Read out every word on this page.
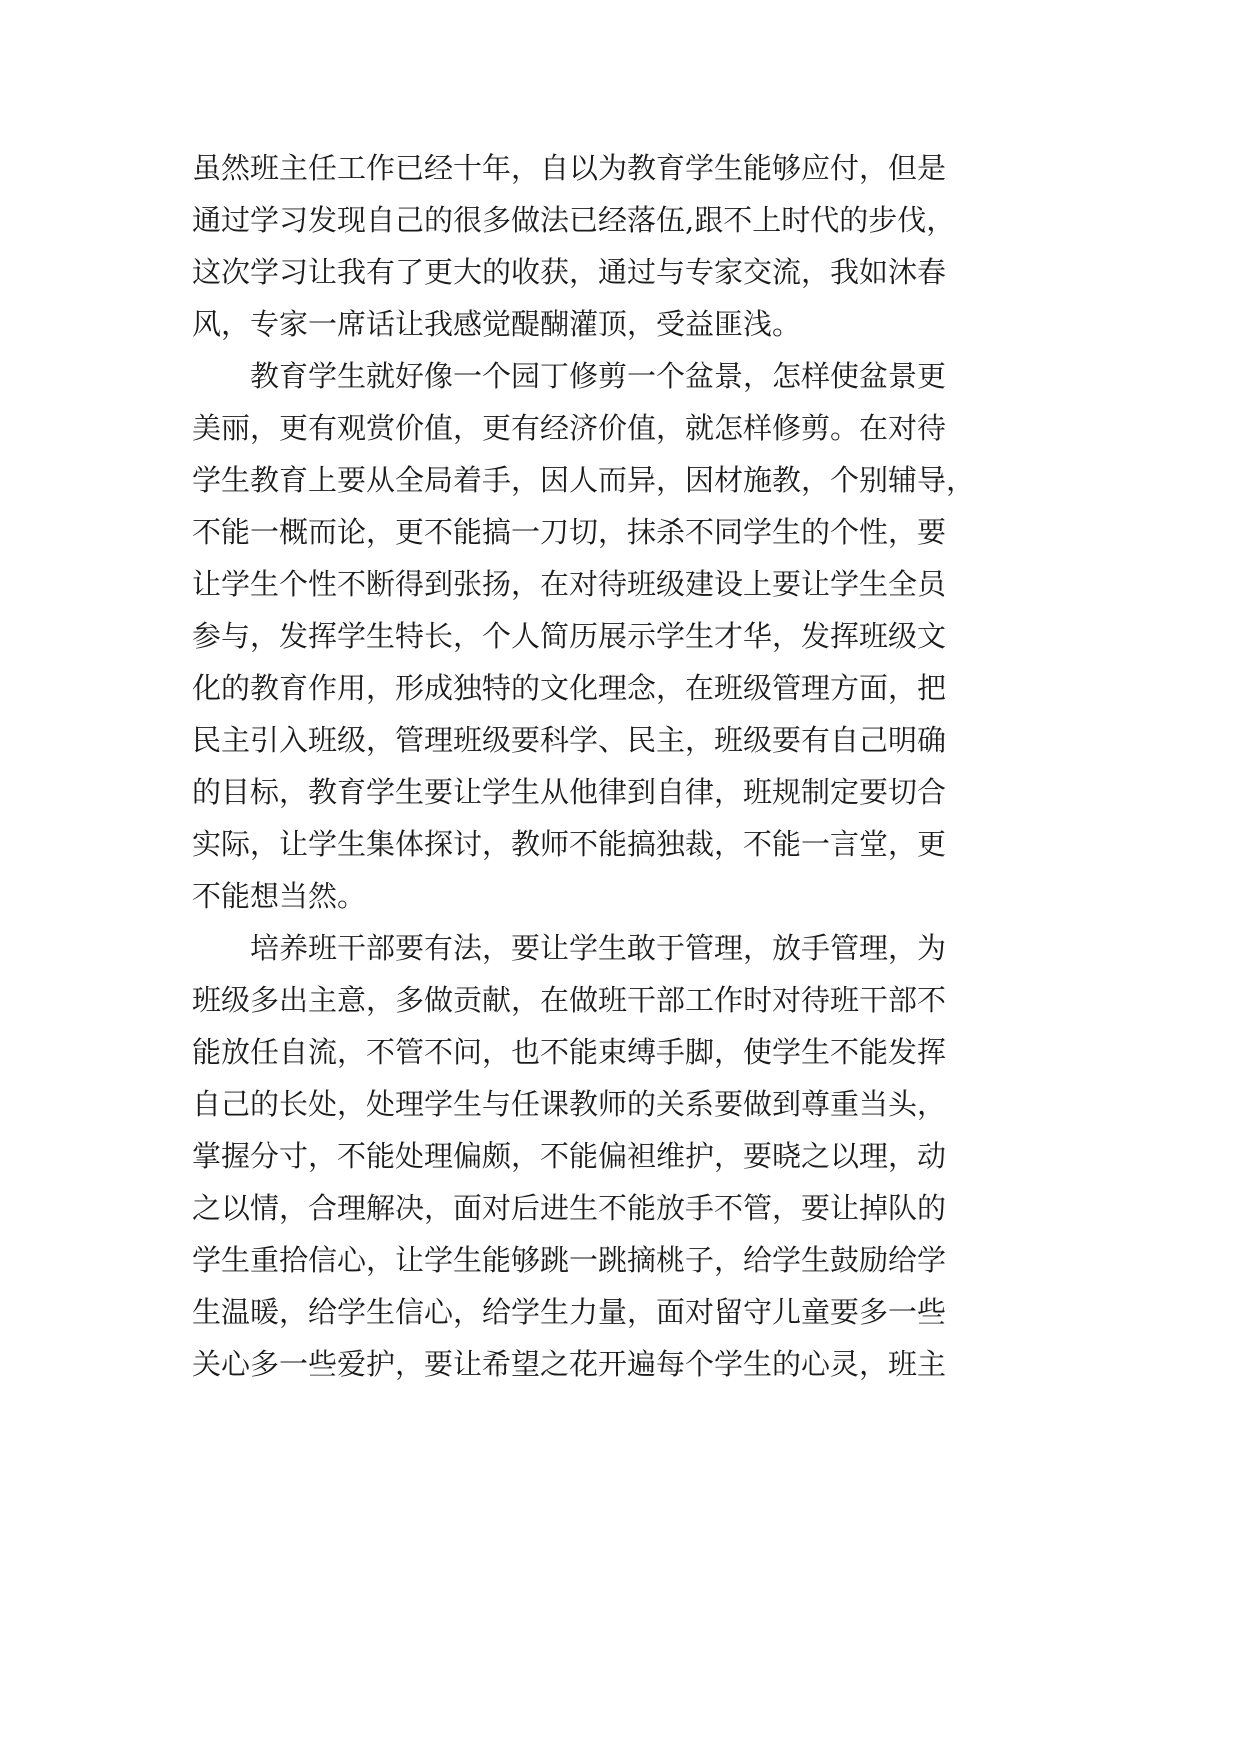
虽然班主任工作已经十年，自以为教育学生能够应付，但是
通过学习发现自己的很多做法已经落伍,跟不上时代的步伐，
这次学习让我有了更大的收获，通过与专家交流，我如沐春
风，专家一席话让我感觉醍醐灌顶，受益匪浅。
教育学生就好像一个园丁修剪一个盆景，怎样使盆景更
美丽，更有观赏价值，更有经济价值，就怎样修剪。在对待
学生教育上要从全局着手，因人而异，因材施教，个别辅导，
不能一概而论，更不能搞一刀切，抹杀不同学生的个性，要
让学生个性不断得到张扬，在对待班级建设上要让学生全员
参与，发挥学生特长，个人简历展示学生才华，发挥班级文
化的教育作用，形成独特的文化理念，在班级管理方面，把
民主引入班级，管理班级要科学、民主，班级要有自己明确
的目标，教育学生要让学生从他律到自律，班规制定要切合
实际，让学生集体探讨，教师不能搞独裁，不能一言堂，更
不能想当然。
培养班干部要有法，要让学生敢于管理，放手管理，为
班级多出主意，多做贡献，在做班干部工作时对待班干部不
能放任自流，不管不问，也不能束缚手脚，使学生不能发挥
自己的长处，处理学生与任课教师的关系要做到尊重当头，
掌握分寸，不能处理偏颇，不能偏袒维护，要晓之以理，动
之以情，合理解决，面对后进生不能放手不管，要让掉队的
学生重拾信心，让学生能够跳一跳摘桃子，给学生鼓励给学
生温暖，给学生信心，给学生力量，面对留守儿童要多一些
关心多一些爱护，要让希望之花开遍每个学生的心灵，班主
